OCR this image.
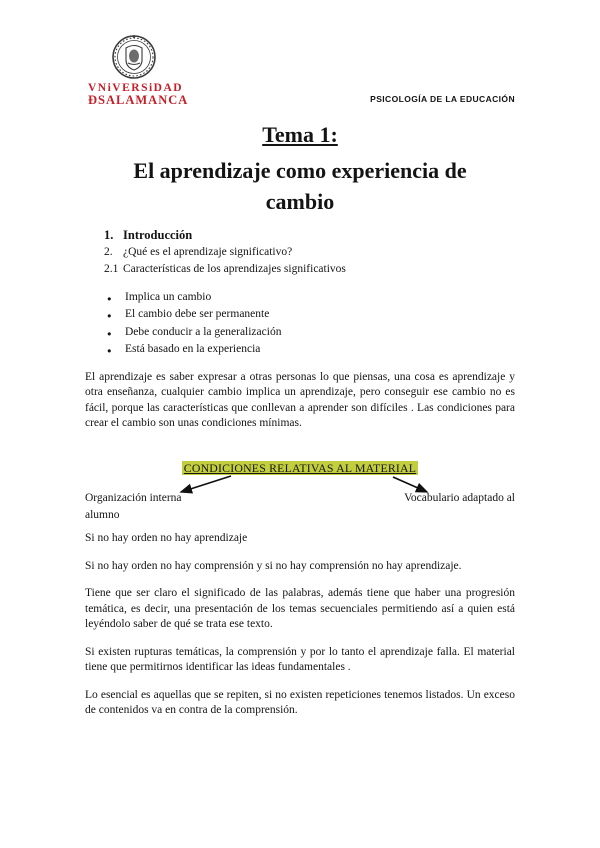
VNiVERSiDAD
ÐSALAMANCA	PSICOLOGÍA DE LA EDUCACIÓN
Tema 1:
El aprendizaje como experiencia de cambio
1. Introducción
2. ¿Qué es el aprendizaje significativo?
2.1 Características de los aprendizajes significativos
● Implica un cambio
● El cambio debe ser permanente
● Debe conducir a la generalización
● Está basado en la experiencia

El aprendizaje es saber expresar a otras personas lo que piensas, una cosa es aprendizaje y otra enseñanza, cualquier cambio implica un aprendizaje, pero conseguir ese cambio no es fácil, porque las características que conllevan a aprender son difíciles . Las condiciones para crear el cambio son unas condiciones mínimas.

CONDICIONES RELATIVAS AL MATERIAL
Organización interna	Vocabulario adaptado al
alumno

Si no hay orden no hay aprendizaje

Si no hay orden no hay comprensión y si no hay comprensión no hay aprendizaje.

Tiene que ser claro el significado de las palabras, además tiene que haber una progresión temática, es decir, una presentación de los temas secuenciales permitiendo así a quien está leyéndolo saber de qué se trata ese texto.

Si existen rupturas temáticas, la comprensión y por lo tanto el aprendizaje falla. El material tiene que permitirnos identificar las ideas fundamentales .

Lo esencial es aquellas que se repiten, si no existen repeticiones tenemos listados. Un exceso de contenidos va en contra de la comprensión.
